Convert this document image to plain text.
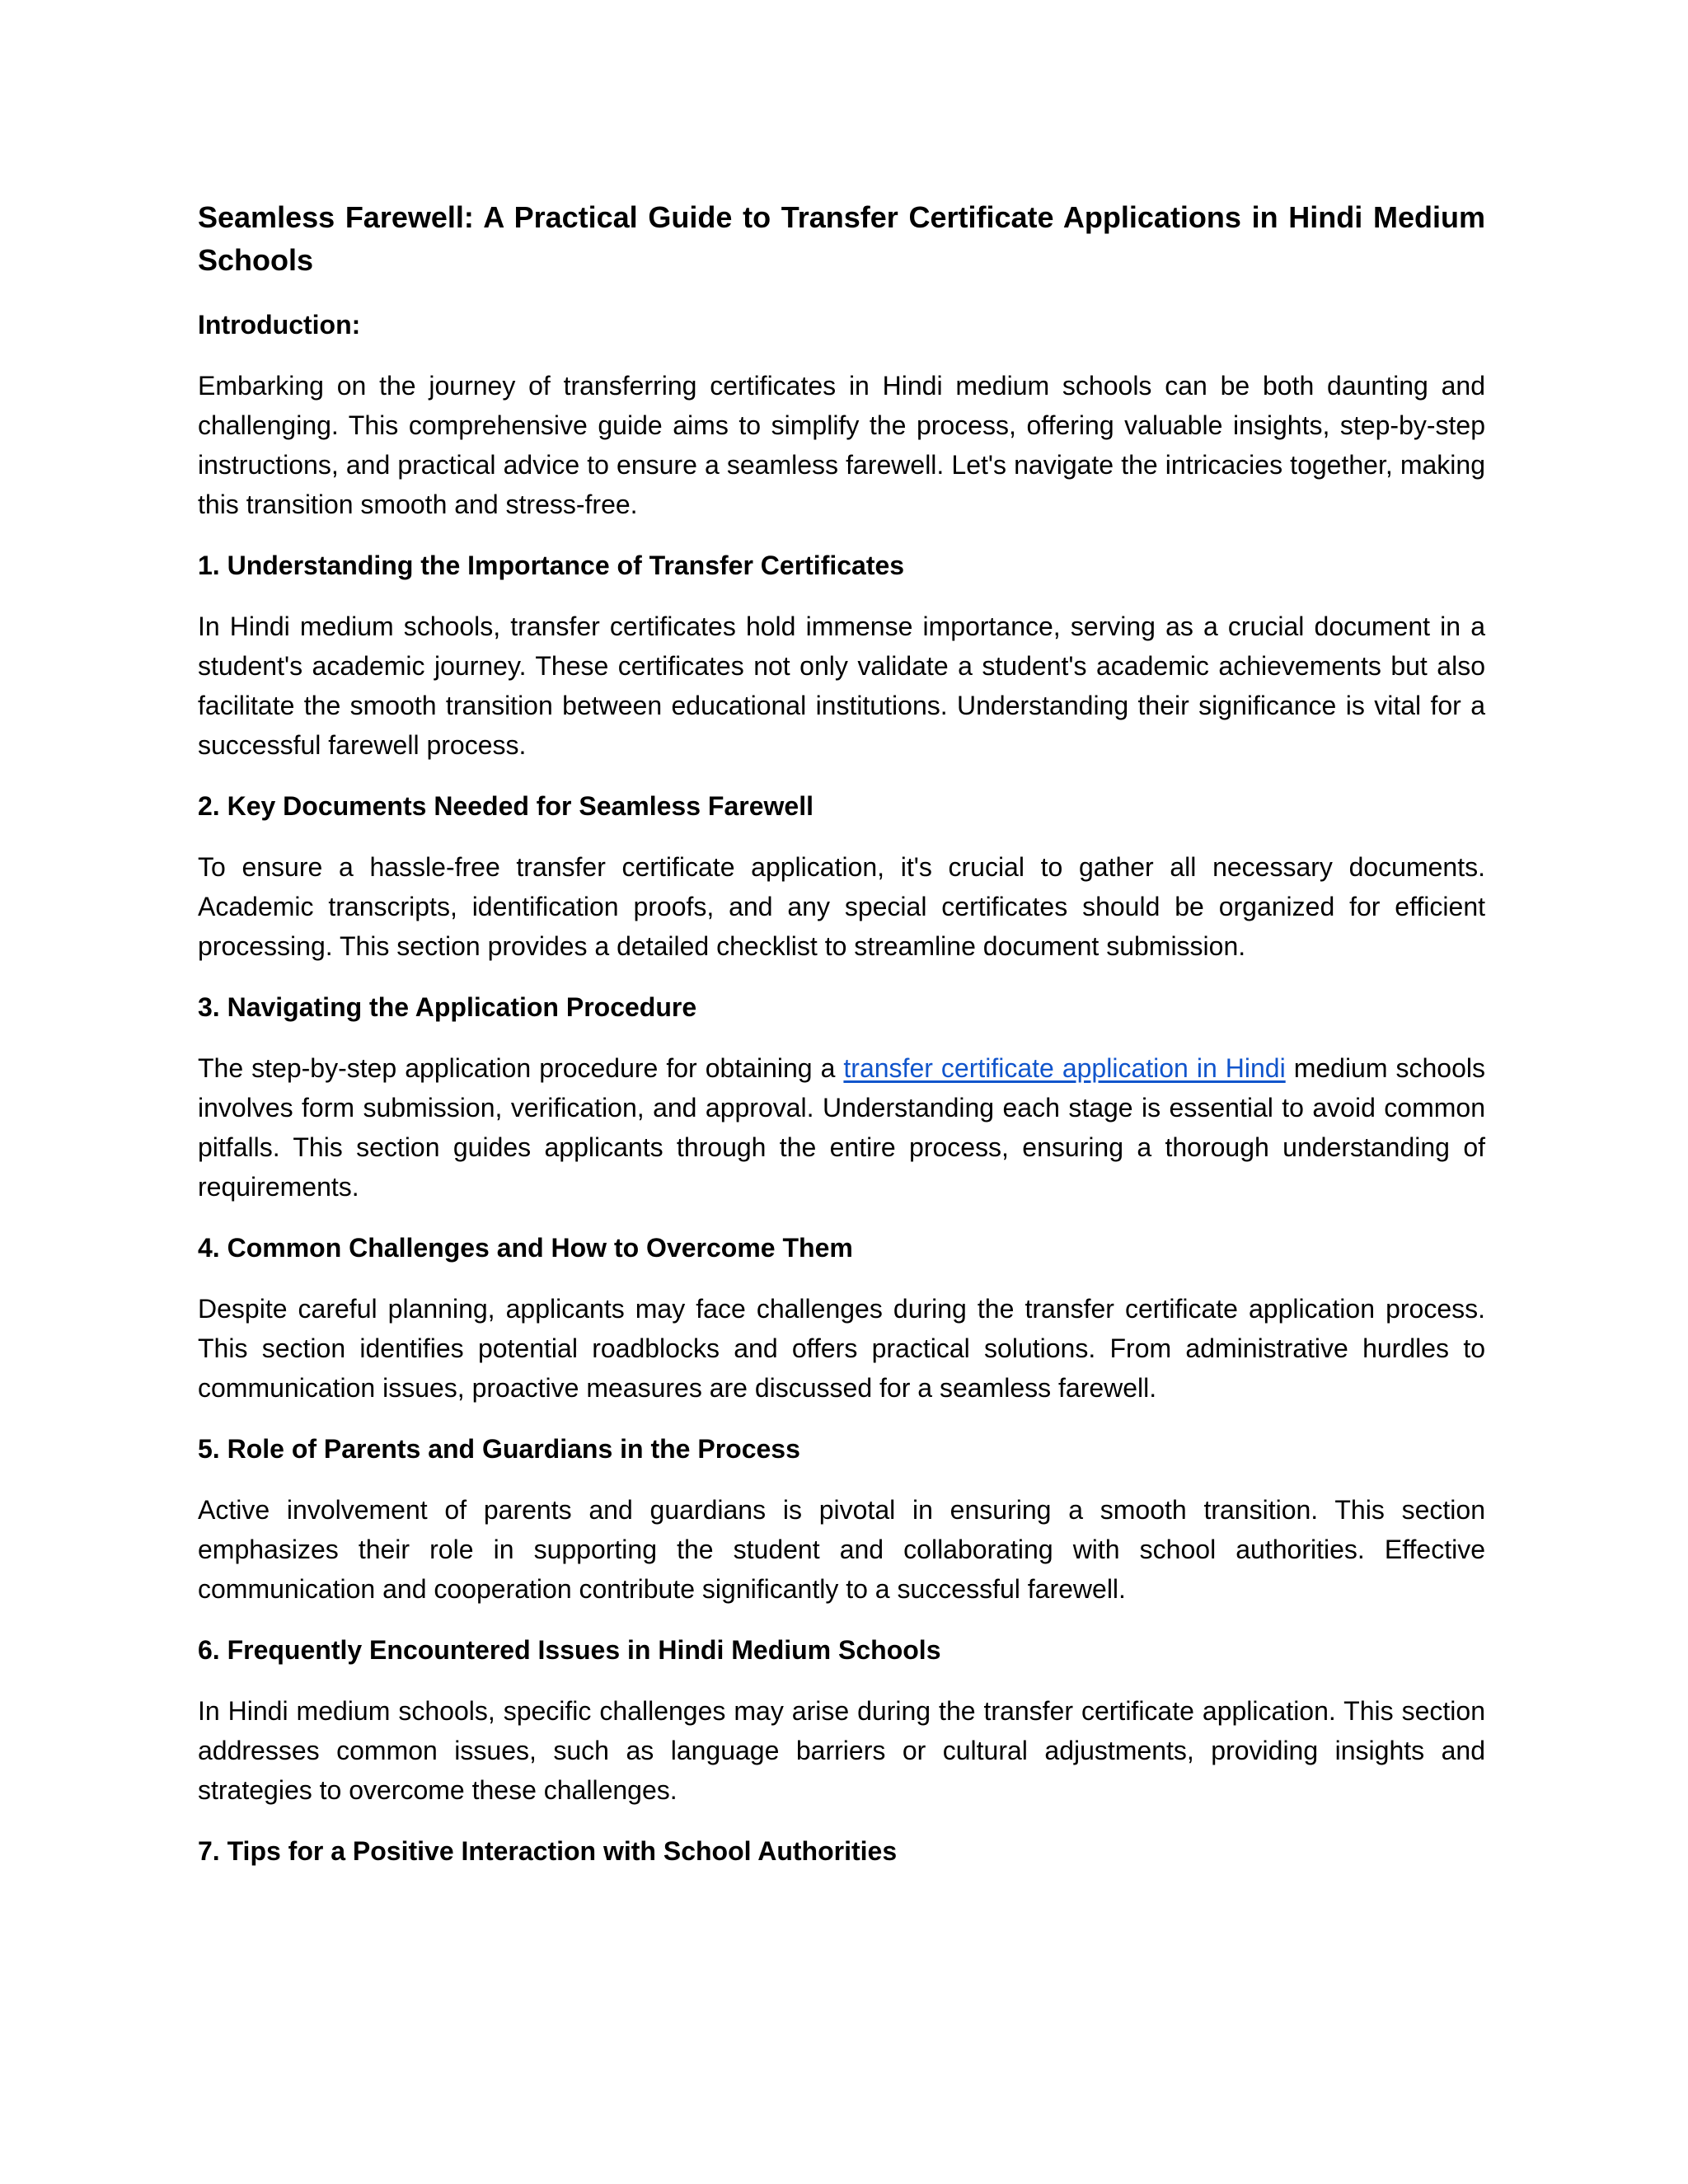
Seamless Farewell: A Practical Guide to Transfer Certificate Applications in Hindi Medium Schools
Introduction:

Embarking on the journey of transferring certificates in Hindi medium schools can be both daunting and challenging. This comprehensive guide aims to simplify the process, offering valuable insights, step-by-step instructions, and practical advice to ensure a seamless farewell. Let's navigate the intricacies together, making this transition smooth and stress-free.

1. Understanding the Importance of Transfer Certificates

In Hindi medium schools, transfer certificates hold immense importance, serving as a crucial document in a student's academic journey. These certificates not only validate a student's academic achievements but also facilitate the smooth transition between educational institutions. Understanding their significance is vital for a successful farewell process.

2. Key Documents Needed for Seamless Farewell

To ensure a hassle-free transfer certificate application, it's crucial to gather all necessary documents. Academic transcripts, identification proofs, and any special certificates should be organized for efficient processing. This section provides a detailed checklist to streamline document submission.

3. Navigating the Application Procedure

The step-by-step application procedure for obtaining a transfer certificate application in Hindi medium schools involves form submission, verification, and approval. Understanding each stage is essential to avoid common pitfalls. This section guides applicants through the entire process, ensuring a thorough understanding of requirements.

4. Common Challenges and How to Overcome Them

Despite careful planning, applicants may face challenges during the transfer certificate application process. This section identifies potential roadblocks and offers practical solutions. From administrative hurdles to communication issues, proactive measures are discussed for a seamless farewell.

5. Role of Parents and Guardians in the Process

Active involvement of parents and guardians is pivotal in ensuring a smooth transition. This section emphasizes their role in supporting the student and collaborating with school authorities. Effective communication and cooperation contribute significantly to a successful farewell.

6. Frequently Encountered Issues in Hindi Medium Schools

In Hindi medium schools, specific challenges may arise during the transfer certificate application. This section addresses common issues, such as language barriers or cultural adjustments, providing insights and strategies to overcome these challenges.

7. Tips for a Positive Interaction with School Authorities
